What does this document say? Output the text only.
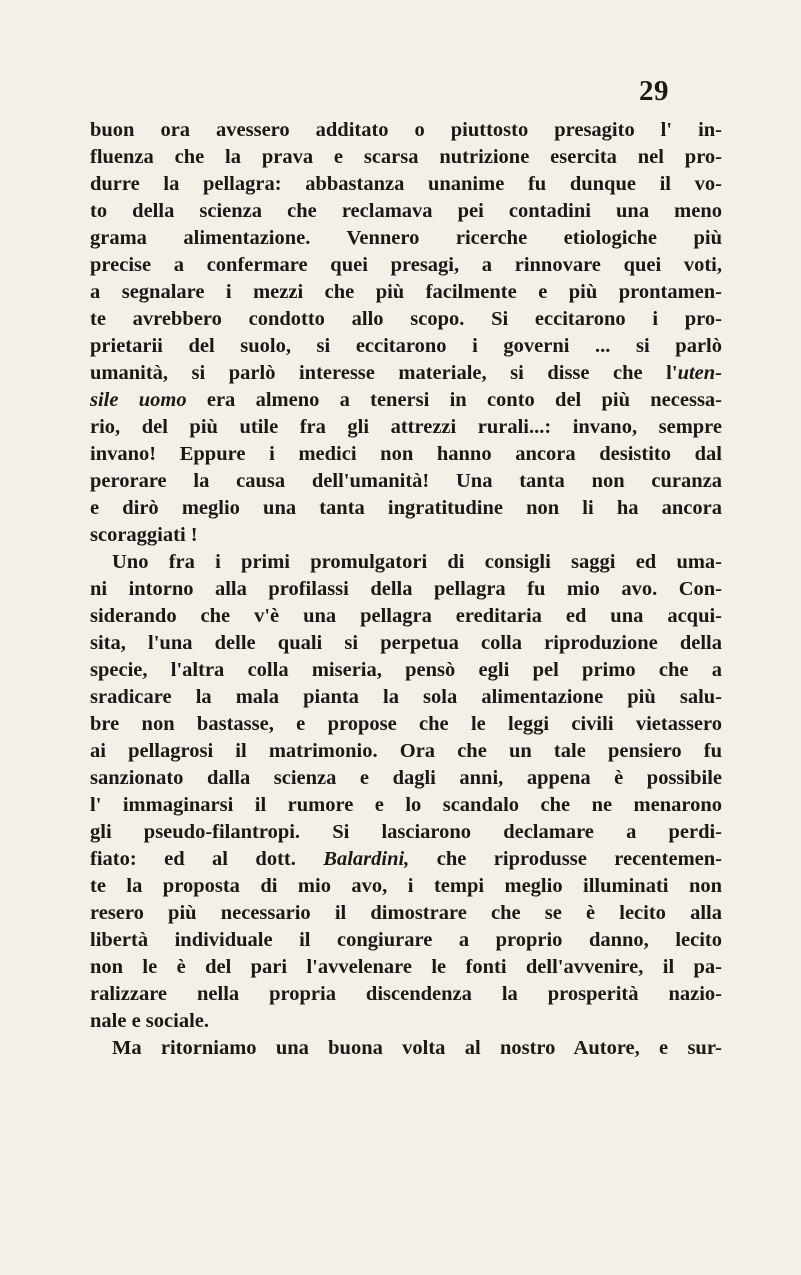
29
buon ora avessero additato o piuttosto presagito l' in-
fluenza che la prava e scarsa nutrizione esercita nel pro-
durre la pellagra: abbastanza unanime fu dunque il vo-
to della scienza che reclamava pei contadini una meno
grama alimentazione. Vennero ricerche etiologiche più
precise a confermare quei presagi, a rinnovare quei voti,
a segnalare i mezzi che più facilmente e più prontamen-
te avrebbero condotto allo scopo. Si eccitarono i pro-
prietarii del suolo, si eccitarono i governi ... si parlò
umanità, si parlò interesse materiale, si disse che l'uten-
sile uomo era almeno a tenersi in conto del più necessa-
rio, del più utile fra gli attrezzi rurali...: invano, sempre
invano! Eppure i medici non hanno ancora desistito dal
perorare la causa dell'umanità! Una tanta non curanza
e dirò meglio una tanta ingratitudine non li ha ancora
scoraggiati !
Uno fra i primi promulgatori di consigli saggi ed uma-
ni intorno alla profilassi della pellagra fu mio avo. Con-
siderando che v'è una pellagra ereditaria ed una acqui-
sita, l'una delle quali si perpetua colla riproduzione della
specie, l'altra colla miseria, pensò egli pel primo che a
sradicare la mala pianta la sola alimentazione più salu-
bre non bastasse, e propose che le leggi civili vietassero
ai pellagrosi il matrimonio. Ora che un tale pensiero fu
sanzionato dalla scienza e dagli anni, appena è possibile
l' immaginarsi il rumore e lo scandalo che ne menarono
gli pseudo-filantropi. Si lasciarono declamare a perdi-
fiato: ed al dott. Balardini, che riprodusse recentemen-
te la proposta di mio avo, i tempi meglio illuminati non
resero più necessario il dimostrare che se è lecito alla
libertà individuale il congiurare a proprio danno, lecito
non le è del pari l'avvelenare le fonti dell'avvenire, il pa-
ralizzare nella propria discendenza la prosperità nazio-
nale e sociale.
Ma ritorniamo una buona volta al nostro Autore, e sur-
